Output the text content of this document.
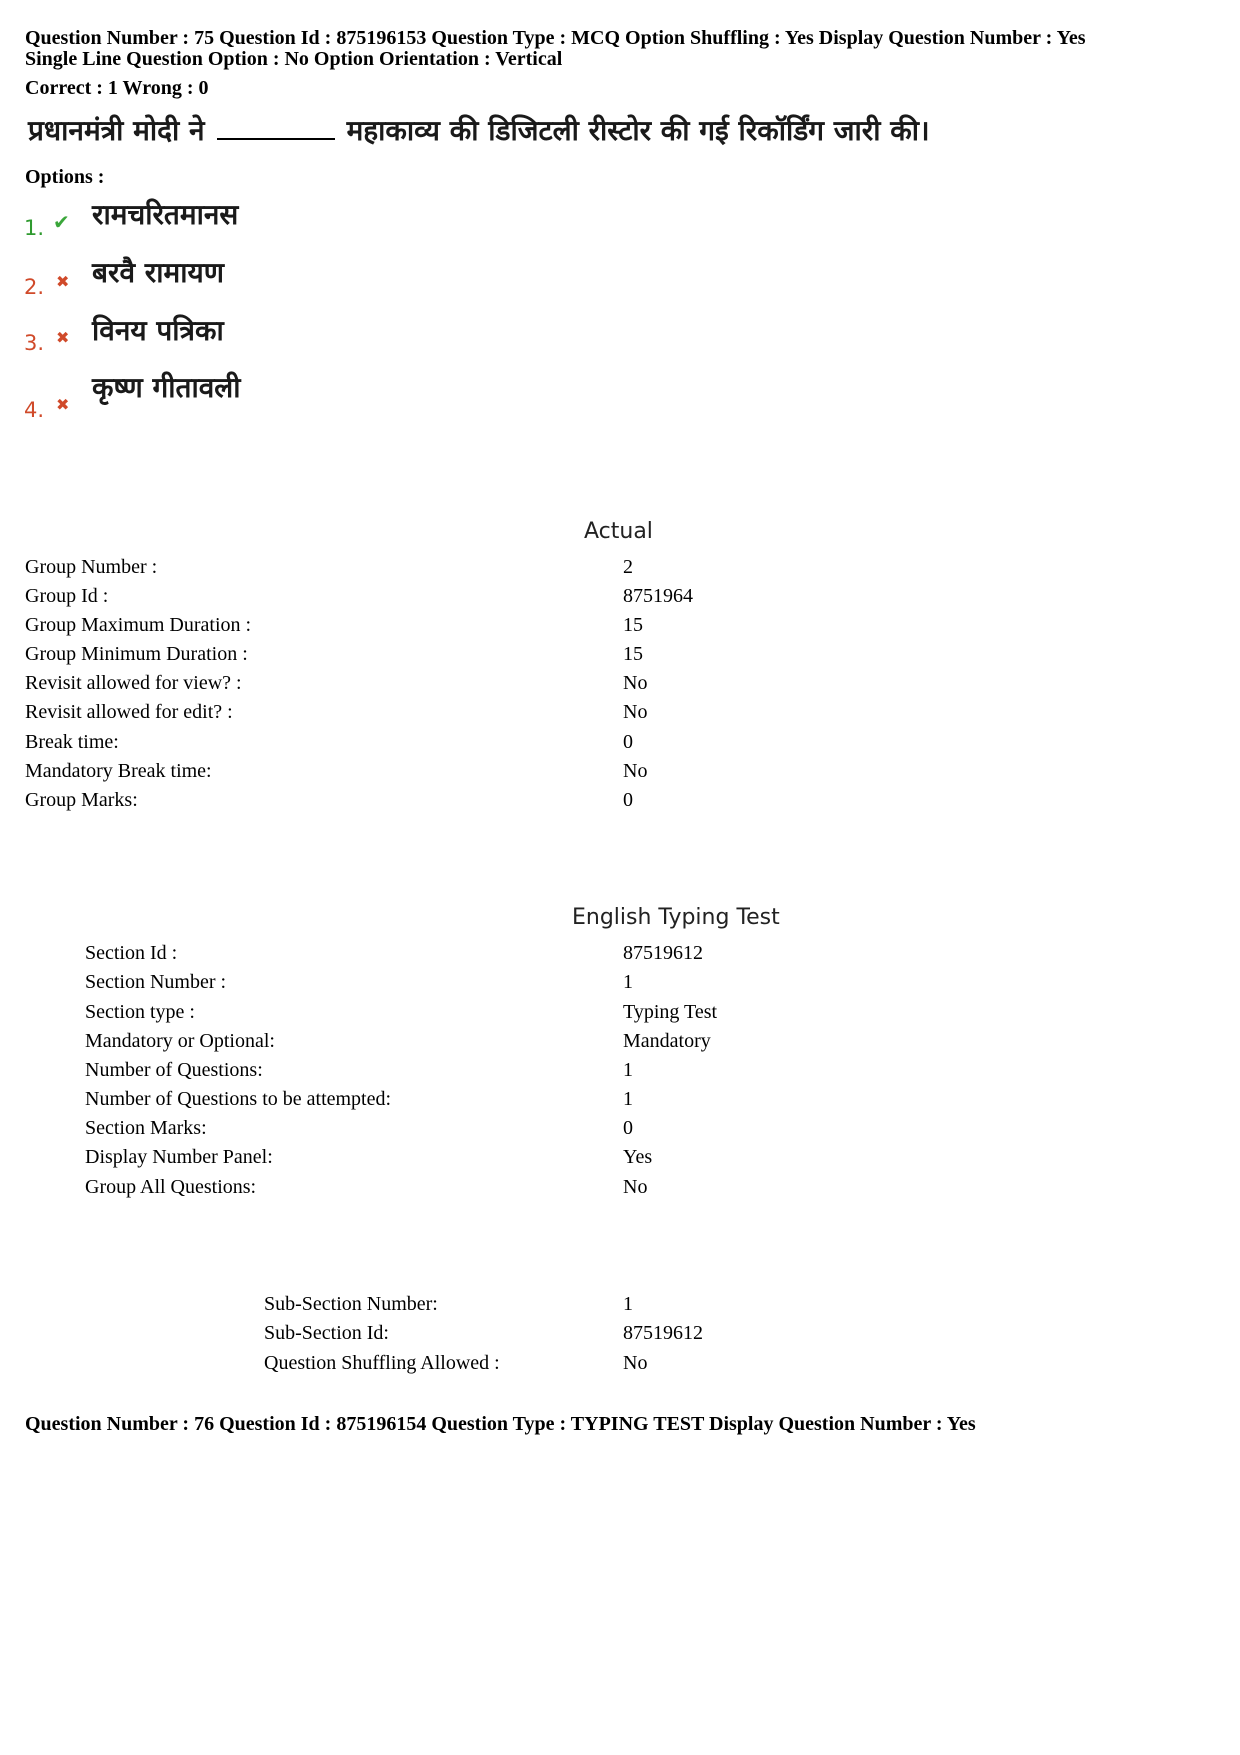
Question Number : 75 Question Id : 875196153 Question Type : MCQ Option Shuffling : Yes Display Question Number : Yes
Single Line Question Option : No Option Orientation : Vertical
Correct : 1 Wrong : 0
प्रधानमंत्री मोदी ने	महाकाव्य की डिजिटली रीस्टोर की गई रिकॉर्डिंग जारी की।
Options :
1. ✔ रामचरितमानस
2. ✖ बरवै रामायण
3. ✖ विनय पत्रिका
4. ✖
कृष्ण गीतावली
Actual
Group Number :	2
Group Id :	8751964
Group Maximum Duration :	15
Group Minimum Duration :	15
Revisit allowed for view? :	No
Revisit allowed for edit? :	No
Break time:	0
Mandatory Break time:	No
Group Marks:	0
English Typing Test
Section Id :	87519612
Section Number :	1
Section type :	Typing Test
Mandatory or Optional:	Mandatory
Number of Questions:	1
Number of Questions to be attempted:	1
Section Marks:	0
Display Number Panel:	Yes
Group All Questions:	No
Sub-Section Number:	1
Sub-Section Id:	87519612
Question Shuffling Allowed :	No
Question Number : 76 Question Id : 875196154 Question Type : TYPING TEST Display Question Number : Yes
